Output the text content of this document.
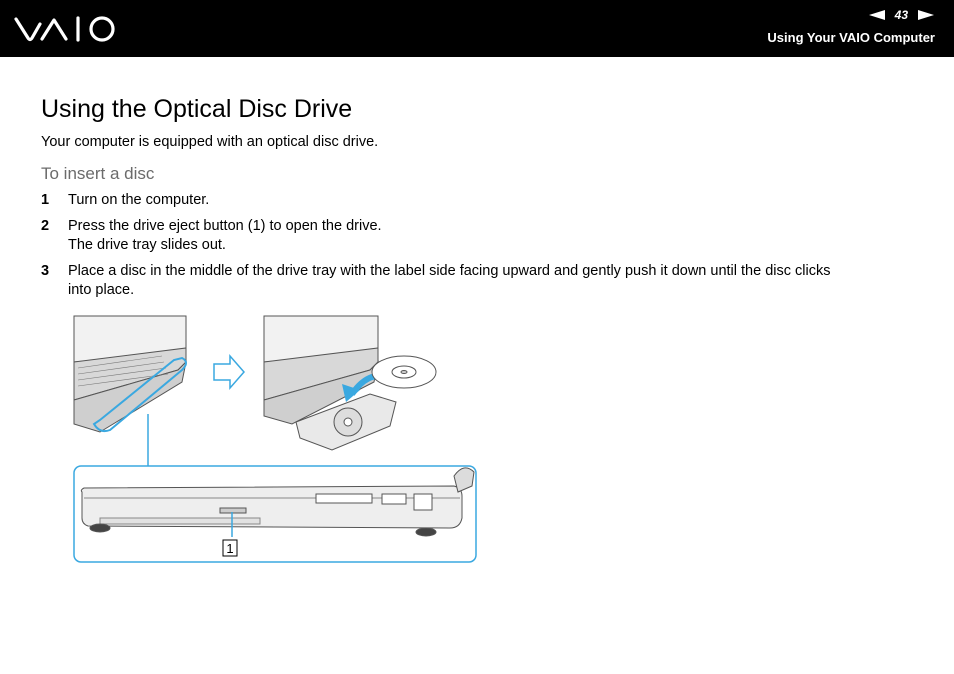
43
Using Your VAIO Computer
Using the Optical Disc Drive
Your computer is equipped with an optical disc drive.
To insert a disc
1 Turn on the computer.
2 Press the drive eject button (1) to open the drive.
The drive tray slides out.
3 Place a disc in the middle of the drive tray with the label side facing upward and gently push it down until the disc clicks
into place.
1
